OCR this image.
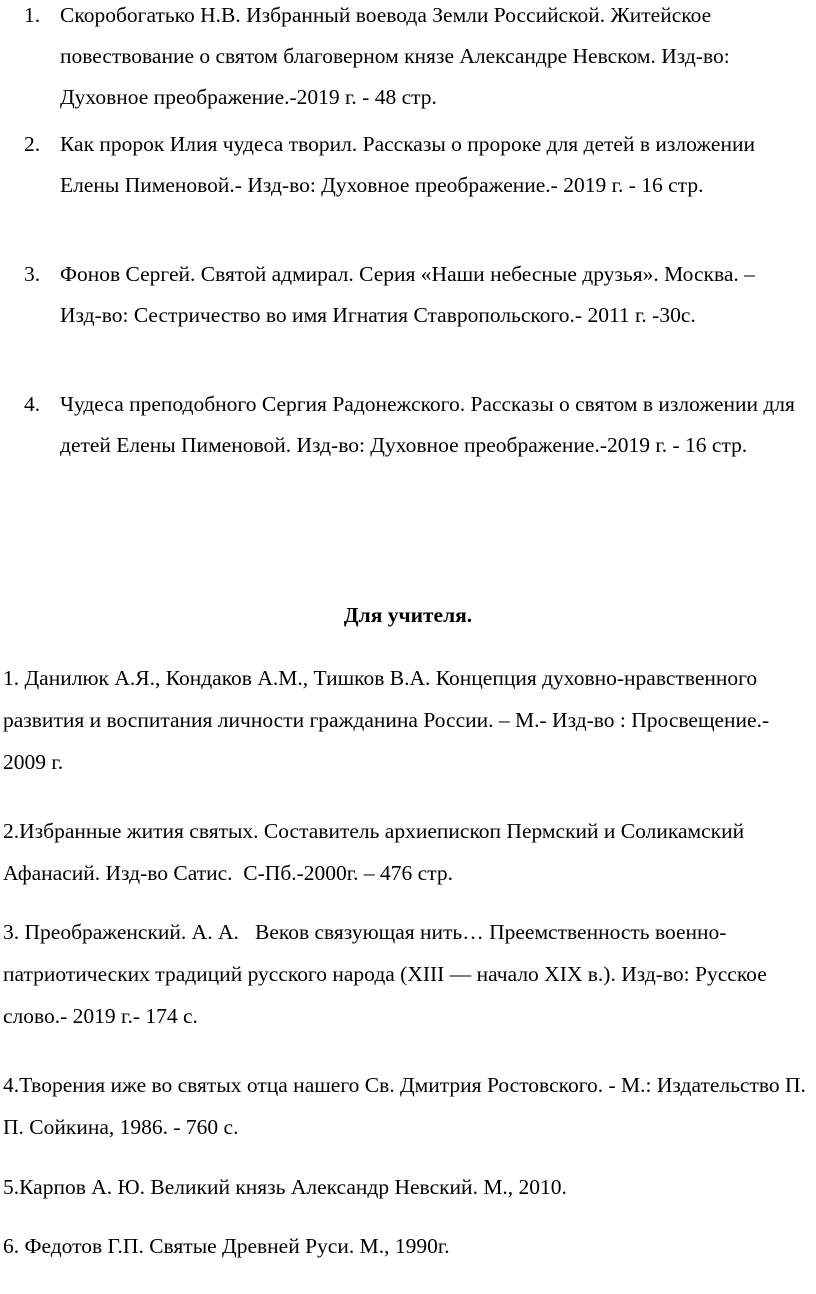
1. Скоробогатько Н.В. Избранный воевода Земли Российской. Житейское повествование о святом благоверном князе Александре Невском. Изд-во: Духовное преображение.-2019 г. - 48 стр.
2. Как пророк Илия чудеса творил. Рассказы о пророке для детей в изложении Елены Пименовой.- Изд-во: Духовное преображение.- 2019 г. - 16 стр.
3. Фонов Сергей. Святой адмирал. Серия «Наши небесные друзья». Москва. – Изд-во: Сестричество во имя Игнатия Ставропольского.- 2011 г. -30с.
4. Чудеса преподобного Сергия Радонежского. Рассказы о святом в изложении для детей Елены Пименовой. Изд-во: Духовное преображение.-2019 г. - 16 стр.
Для учителя.
1. Данилюк А.Я., Кондаков А.М., Тишков В.А. Концепция духовно-нравственного развития и воспитания личности гражданина России. – М.- Изд-во : Просвещение.- 2009 г.
2.Избранные жития святых. Составитель архиепископ Пермский и Соликамский Афанасий. Изд-во Сатис.  С-Пб.-2000г. – 476 стр.
3. Преображенский. А. А.   Веков связующая нить… Преемственность военно-патриотических традиций русского народа (XIII — начало XIX в.). Изд-во: Русское слово.- 2019 г.- 174 с.
4.Творения иже во святых отца нашего Св. Дмитрия Ростовского. - М.: Издательство П. П. Сойкина, 1986. - 760 с.
5.Карпов А. Ю. Великий князь Александр Невский. М., 2010.
6. Федотов Г.П. Святые Древней Руси. М., 1990г.
